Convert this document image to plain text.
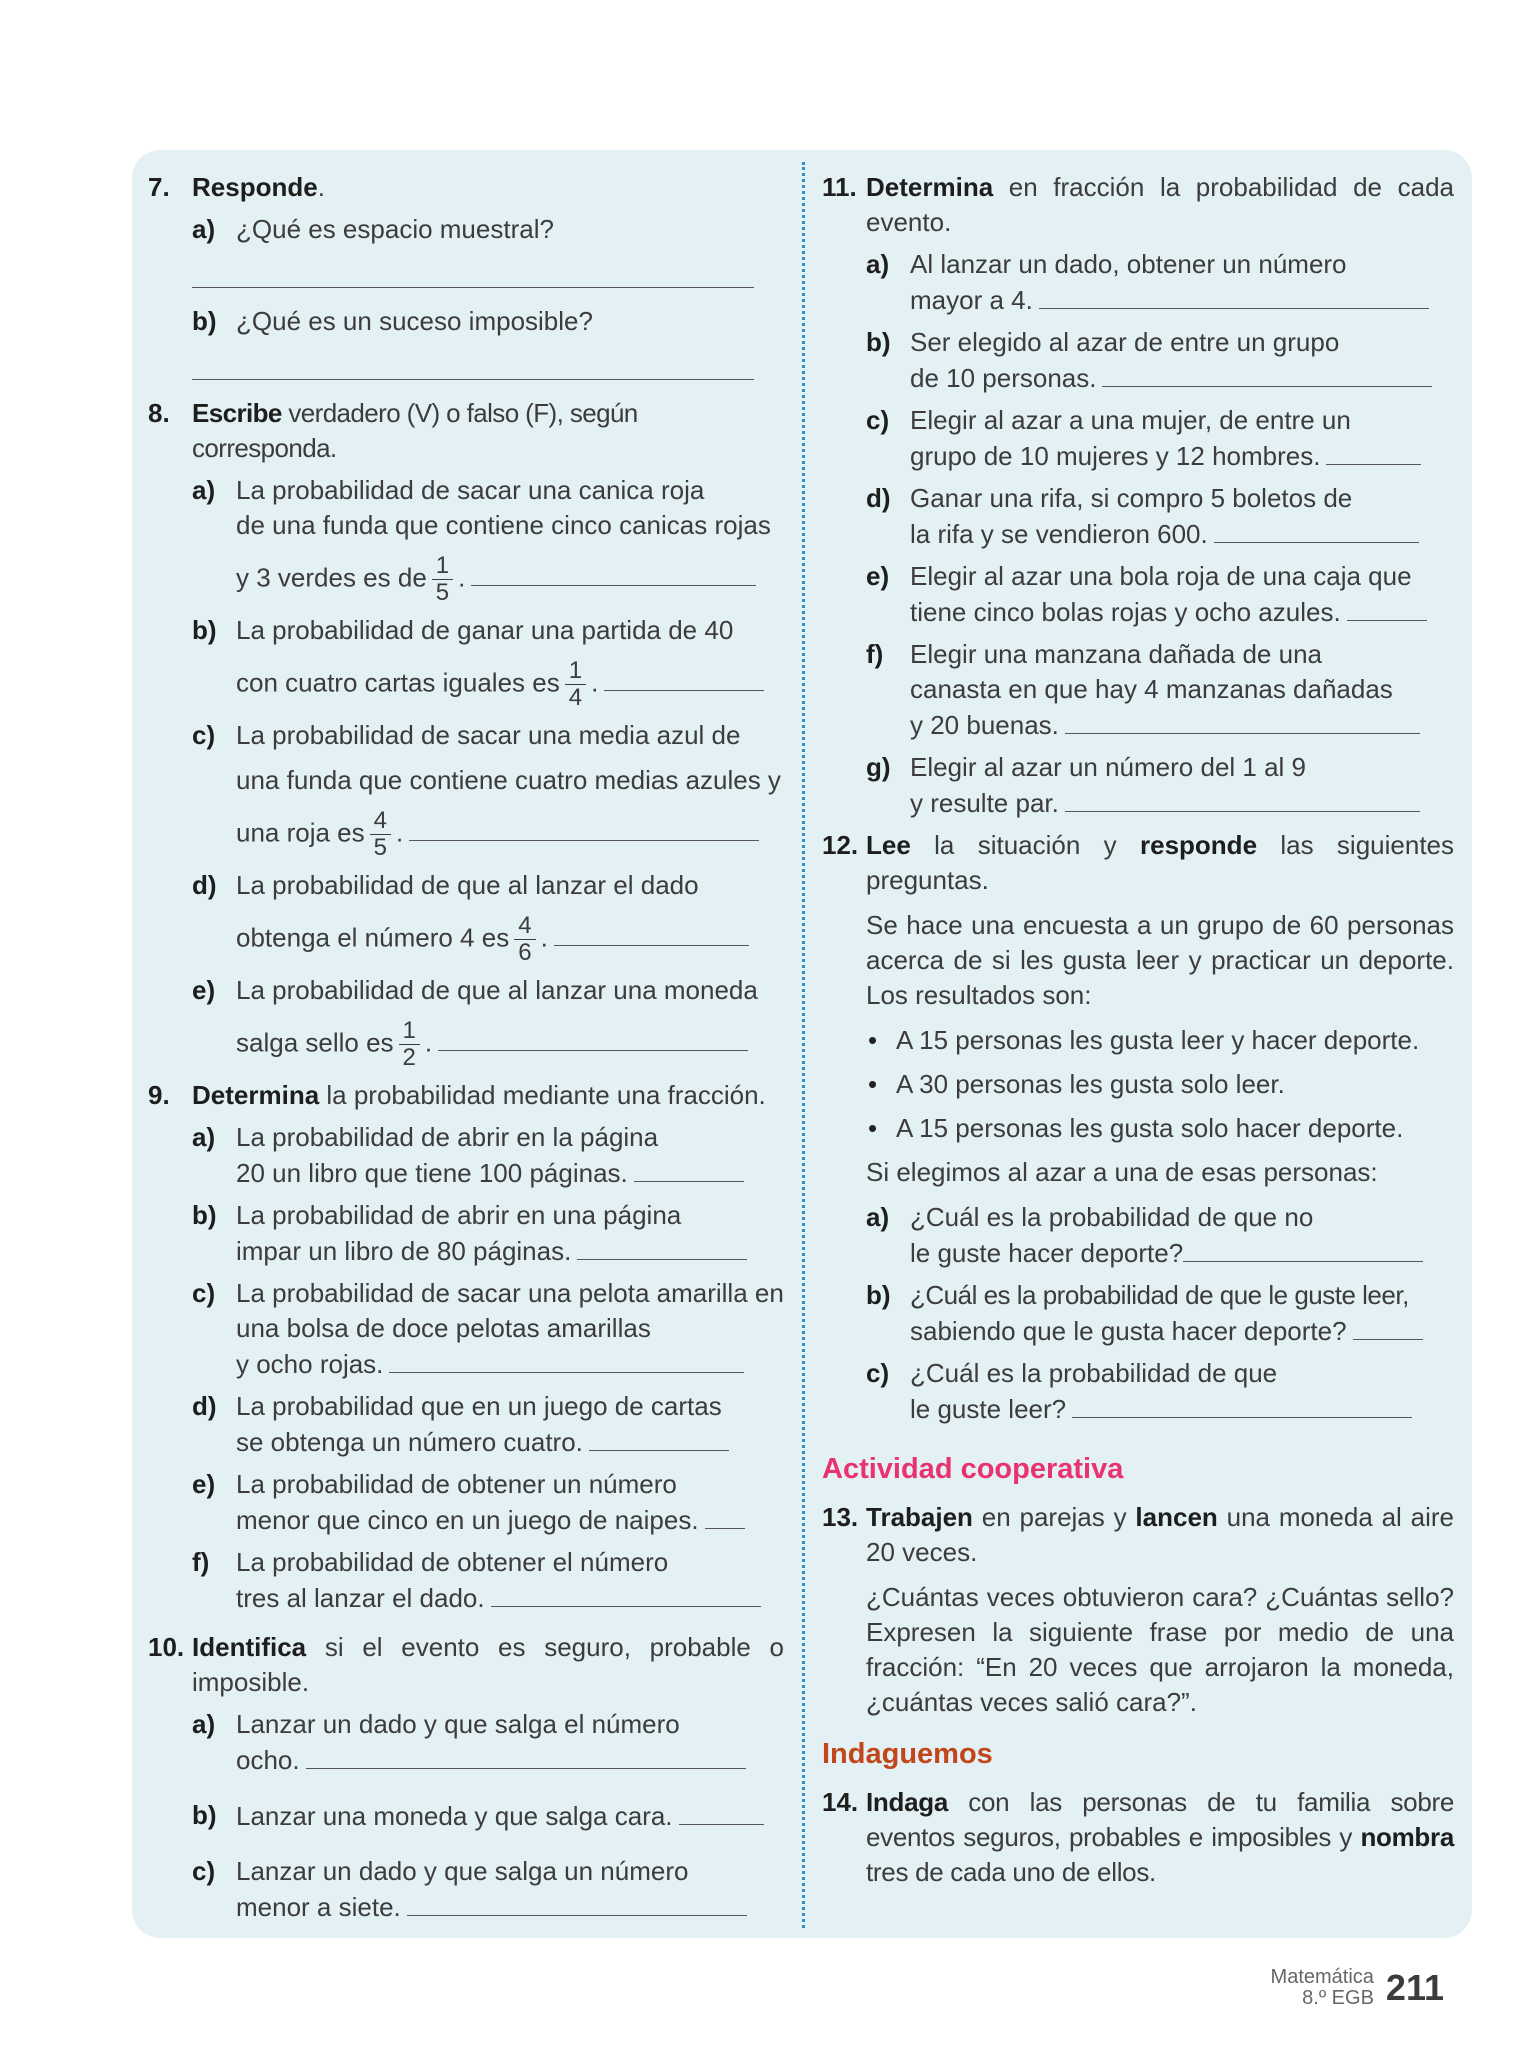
7. Responde.
a) ¿Qué es espacio muestral?
b) ¿Qué es un suceso imposible?
8. Escribe verdadero (V) o falso (F), según corresponda.
a) La probabilidad de sacar una canica roja
de una funda que contiene cinco canicas rojas
y 3 verdes es de $\frac{1}{5}$ .
b) La probabilidad de ganar una partida de 40
con cuatro cartas iguales es $\frac{1}{4}$ .
c) La probabilidad de sacar una media azul de
una funda que contiene cuatro medias azules y
una roja es $\frac{4}{5}$ .
d) La probabilidad de que al lanzar el dado
obtenga el número 4 es $\frac{4}{6}$ .
e) La probabilidad de que al lanzar una moneda
salga sello es $\frac{1}{2}$ .
9. Determina la probabilidad mediante una fracción.
a) La probabilidad de abrir en la página
20 un libro que tiene 100 páginas.
b) La probabilidad de abrir en una página
impar un libro de 80 páginas.
c) La probabilidad de sacar una pelota amarilla en
una bolsa de doce pelotas amarillas
y ocho rojas.
d) La probabilidad que en un juego de cartas
se obtenga un número cuatro.
e) La probabilidad de obtener un número
menor que cinco en un juego de naipes.
f)	La probabilidad de obtener el número
tres al lanzar el dado.
10. Identifica si el evento es seguro, probable o imposible.
a) Lanzar un dado y que salga el número
ocho.
b) Lanzar una moneda y que salga cara.
c) Lanzar un dado y que salga un número
menor a siete.
11. Determina en fracción la probabilidad de cada evento.
a) Al lanzar un dado, obtener un número
mayor a 4.
b) Ser elegido al azar de entre un grupo
de 10 personas.
c) Elegir al azar a una mujer, de entre un
grupo de 10 mujeres y 12 hombres.
d) Ganar una rifa, si compro 5 boletos de
la rifa y se vendieron 600.
e) Elegir al azar una bola roja de una caja que
tiene cinco bolas rojas y ocho azules.
f)	Elegir una manzana dañada de una
canasta en que hay 4 manzanas dañadas
y 20 buenas.
g) Elegir al azar un número del 1 al 9
y resulte par.
12. Lee la situación y responde las siguientes preguntas.
Se hace una encuesta a un grupo de 60 personas acerca de si les gusta leer y practicar un deporte. Los resultados son:
• A 15 personas les gusta leer y hacer deporte.
• A 30 personas les gusta solo leer.
• A 15 personas les gusta solo hacer deporte.
Si elegimos al azar a una de esas personas:
a) ¿Cuál es la probabilidad de que no
le guste hacer deporte?
b) ¿Cuál es la probabilidad de que le guste leer,
sabiendo que le gusta hacer deporte?
c) ¿Cuál es la probabilidad de que
le guste leer?
Actividad cooperativa
13. Trabajen en parejas y lancen una moneda al aire 20 veces.
¿Cuántas veces obtuvieron cara? ¿Cuántas sello? Expresen la siguiente frase por medio de una fracción: “En 20 veces que arrojaron la moneda, ¿cuántas veces salió cara?”.
Indaguemos
14. Indaga con las personas de tu familia sobre eventos seguros, probables e imposibles y nombra tres de cada uno de ellos.
Matemática
8.º EGB 211
